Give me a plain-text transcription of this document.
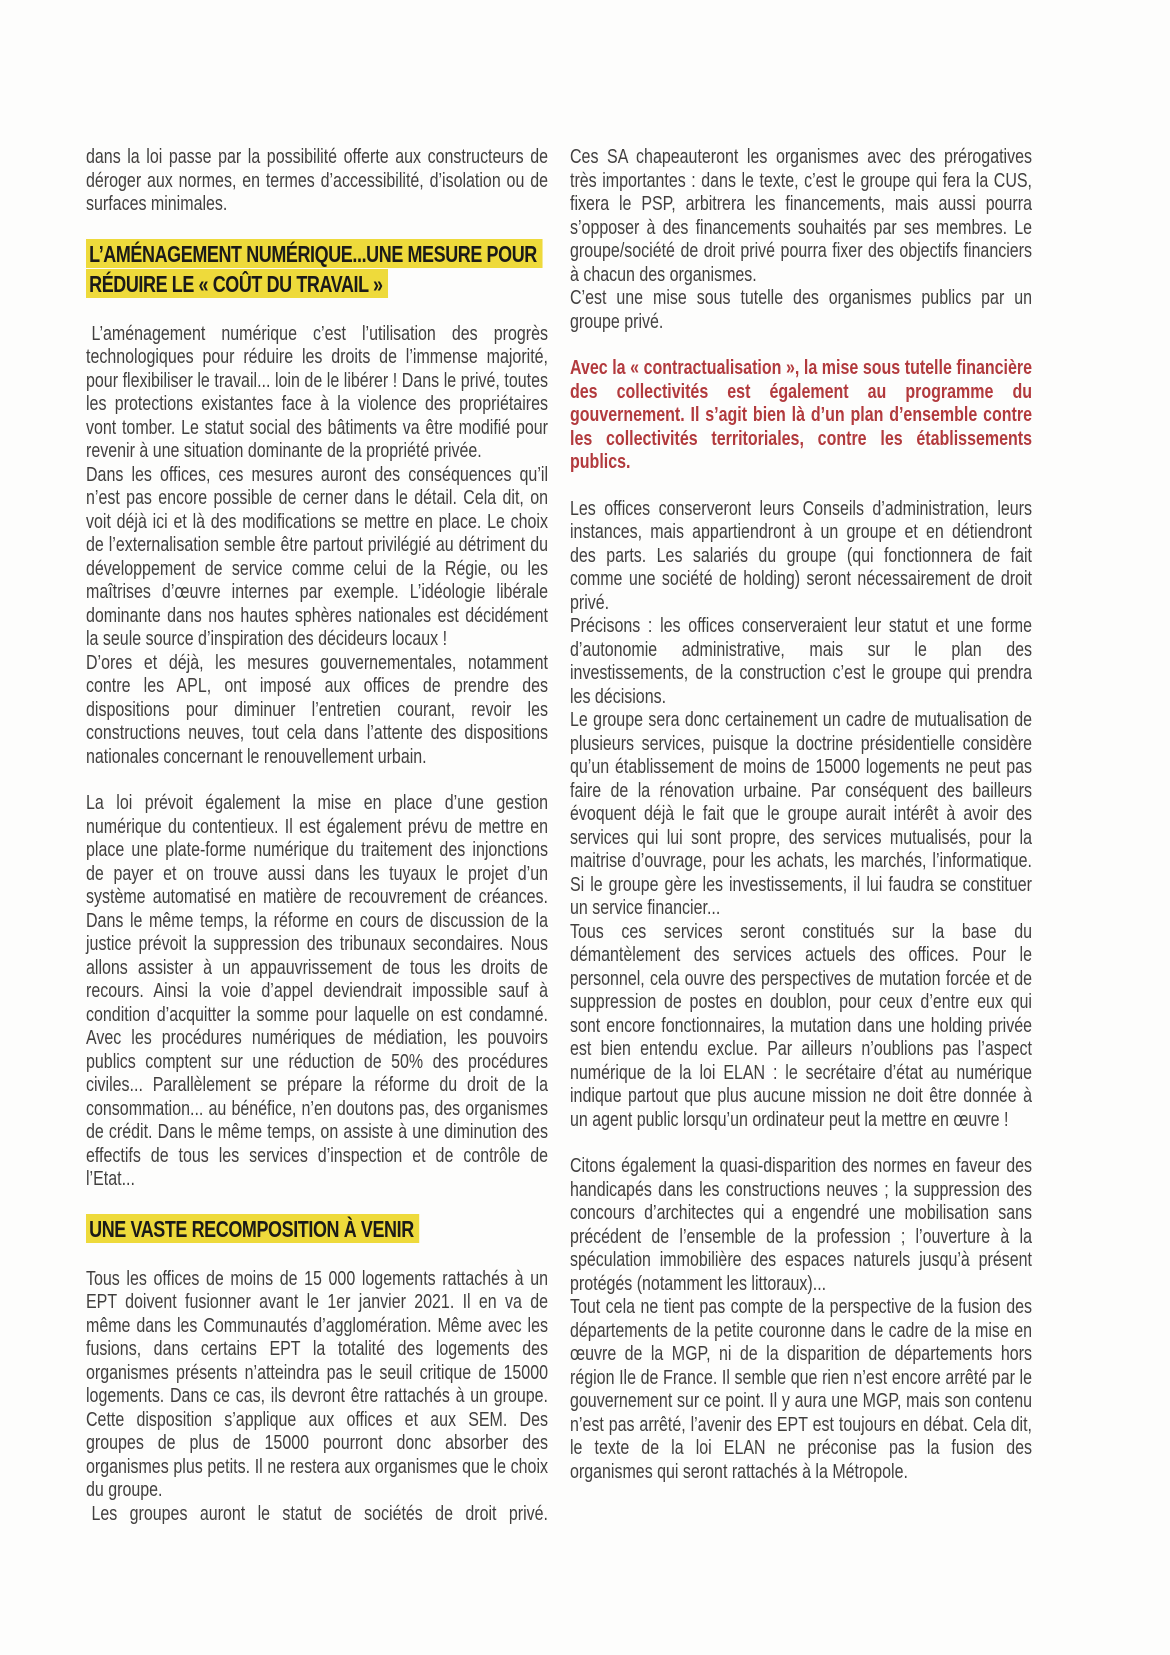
dans la loi passe par la possibilité offerte aux constructeurs de déroger aux normes, en termes d’accessibilité, d’isolation ou de surfaces minimales.

L’AMÉNAGEMENT NUMÉRIQUE...UNE MESURE POUR RÉDUIRE LE « COÛT DU TRAVAIL »

L’aménagement numérique c’est l’utilisation des progrès technologiques pour réduire les droits de l’immense majorité, pour flexibiliser le travail... loin de le libérer ! Dans le privé, toutes les protections existantes face à la violence des propriétaires vont tomber. Le statut social des bâtiments va être modifié pour revenir à une situation dominante de la propriété privée.

Dans les offices, ces mesures auront des conséquences qu’il n’est pas encore possible de cerner dans le détail. Cela dit, on voit déjà ici et là des modifications se mettre en place. Le choix de l’externalisation semble être partout privilégié au détriment du développement de service comme celui de la Régie, ou les maîtrises d’œuvre internes par exemple. L’idéologie libérale dominante dans nos hautes sphères nationales est décidément la seule source d’inspiration des décideurs locaux !

D’ores et déjà, les mesures gouvernementales, notamment contre les APL, ont imposé aux offices de prendre des dispositions pour diminuer l’entretien courant, revoir les constructions neuves, tout cela dans l’attente des dispositions nationales concernant le renouvellement urbain.

La loi prévoit également la mise en place d’une gestion numérique du contentieux. Il est également prévu de mettre en place une plate-forme numérique du traitement des injonctions de payer et on trouve aussi dans les tuyaux le projet d’un système automatisé en matière de recouvrement de créances. Dans le même temps, la réforme en cours de discussion de la justice prévoit la suppression des tribunaux secondaires. Nous allons assister à un appauvrissement de tous les droits de recours. Ainsi la voie d’appel deviendrait impossible sauf à condition d’acquitter la somme pour laquelle on est condamné. Avec les procédures numériques de médiation, les pouvoirs publics comptent sur une réduction de 50% des procédures civiles... Parallèlement se prépare la réforme du droit de la consommation... au bénéfice, n’en doutons pas, des organismes de crédit. Dans le même temps, on assiste à une diminution des effectifs de tous les services d’inspection et de contrôle de l’Etat...

UNE VASTE RECOMPOSITION À VENIR

Tous les offices de moins de 15 000 logements rattachés à un EPT doivent fusionner avant le 1er janvier 2021. Il en va de même dans les Communautés d’agglomération. Même avec les fusions, dans certains EPT la totalité des logements des organismes présents n’atteindra pas le seuil critique de 15000 logements. Dans ce cas, ils devront être rattachés à un groupe. Cette disposition s’applique aux offices et aux SEM. Des groupes de plus de 15000 pourront donc absorber des organismes plus petits. Il ne restera aux organismes que le choix du groupe.

Les groupes auront le statut de sociétés de droit privé.

Ces SA chapeauteront les organismes avec des prérogatives très importantes : dans le texte, c’est le groupe qui fera la CUS, fixera le PSP, arbitrera les financements, mais aussi pourra s’opposer à des financements souhaités par ses membres. Le groupe/société de droit privé pourra fixer des objectifs financiers à chacun des organismes.

C’est une mise sous tutelle des organismes publics par un groupe privé.

Avec la « contractualisation », la mise sous tutelle financière des collectivités est également au programme du gouvernement. Il s’agit bien là d’un plan d’ensemble contre les collectivités territoriales, contre les établissements publics.

Les offices conserveront leurs Conseils d’administration, leurs instances, mais appartiendront à un groupe et en détiendront des parts. Les salariés du groupe (qui fonctionnera de fait comme une société de holding) seront nécessairement de droit privé.

Précisons : les offices conserveraient leur statut et une forme d’autonomie administrative, mais sur le plan des investissements, de la construction c’est le groupe qui prendra les décisions.

Le groupe sera donc certainement un cadre de mutualisation de plusieurs services, puisque la doctrine présidentielle considère qu’un établissement de moins de 15000 logements ne peut pas faire de la rénovation urbaine. Par conséquent des bailleurs évoquent déjà le fait que le groupe aurait intérêt à avoir des services qui lui sont propre, des services mutualisés, pour la maitrise d’ouvrage, pour les achats, les marchés, l’informatique. Si le groupe gère les investissements, il lui faudra se constituer un service financier...

Tous ces services seront constitués sur la base du démantèlement des services actuels des offices. Pour le personnel, cela ouvre des perspectives de mutation forcée et de suppression de postes en doublon, pour ceux d’entre eux qui sont encore fonctionnaires, la mutation dans une holding privée est bien entendu exclue. Par ailleurs n’oublions pas l’aspect numérique de la loi ELAN : le secrétaire d’état au numérique indique partout que plus aucune mission ne doit être donnée à un agent public lorsqu’un ordinateur peut la mettre en œuvre !

Citons également la quasi-disparition des normes en faveur des handicapés dans les constructions neuves ; la suppression des concours d’architectes qui a engendré une mobilisation sans précédent de l’ensemble de la profession ; l’ouverture à la spéculation immobilière des espaces naturels jusqu’à présent protégés (notamment les littoraux)...

Tout cela ne tient pas compte de la perspective de la fusion des départements de la petite couronne dans le cadre de la mise en œuvre de la MGP, ni de la disparition de départements hors région Ile de France. Il semble que rien n’est encore arrêté par le gouvernement sur ce point. Il y aura une MGP, mais son contenu n’est pas arrêté, l’avenir des EPT est toujours en débat. Cela dit, le texte de la loi ELAN ne préconise pas la fusion des organismes qui seront rattachés à la Métropole.
